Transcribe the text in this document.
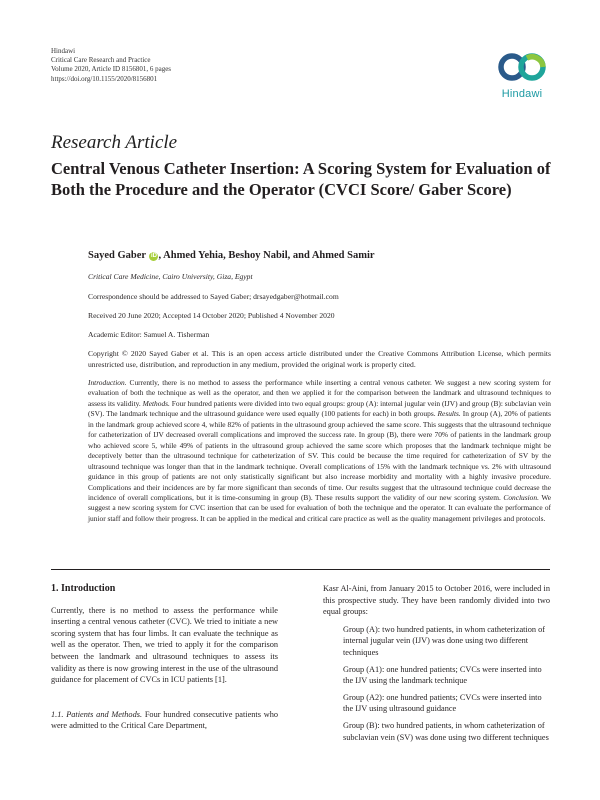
Hindawi
Critical Care Research and Practice
Volume 2020, Article ID 8156801, 6 pages
https://doi.org/10.1155/2020/8156801
Hindawi
Research Article
Central Venous Catheter Insertion: A Scoring System for Evaluation of Both the Procedure and the Operator (CVCI Score/ Gaber Score)
Sayed Gaber iD , Ahmed Yehia, Beshoy Nabil, and Ahmed Samir
Critical Care Medicine, Cairo University, Giza, Egypt
Correspondence should be addressed to Sayed Gaber; drsayedgaber@hotmail.com
Received 20 June 2020; Accepted 14 October 2020; Published 4 November 2020
Academic Editor: Samuel A. Tisherman
Copyright © 2020 Sayed Gaber et al. This is an open access article distributed under the Creative Commons Attribution License, which permits unrestricted use, distribution, and reproduction in any medium, provided the original work is properly cited.
Introduction. Currently, there is no method to assess the performance while inserting a central venous catheter. We suggest a new scoring system for evaluation of both the technique as well as the operator, and then we applied it for the comparison between the landmark and ultrasound techniques to assess its validity. Methods. Four hundred patients were divided into two equal groups: group (A): internal jugular vein (IJV) and group (B): subclavian vein (SV). The landmark technique and the ultrasound guidance were used equally (100 patients for each) in both groups. Results. In group (A), 20% of patients in the landmark group achieved score 4, while 82% of patients in the ultrasound group achieved the same score. This suggests that the ultrasound technique for catheterization of IJV decreased overall complications and improved the success rate. In group (B), there were 70% of patients in the landmark group who achieved score 5, while 49% of patients in the ultrasound group achieved the same score which proposes that the landmark technique might be deceptively better than the ultrasound technique for catheterization of SV. This could be because the time required for catheterization of SV by the ultrasound technique was longer than that in the landmark technique. Overall complications of 15% with the landmark technique vs. 2% with ultrasound guidance in this group of patients are not only statistically significant but also increase morbidity and mortality with a highly invasive procedure. Complications and their incidences are by far more significant than seconds of time. Our results suggest that the ultrasound technique could decrease the incidence of overall complications, but it is time-consuming in group (B). These results support the validity of our new scoring system. Conclusion. We suggest a new scoring system for CVC insertion that can be used for evaluation of both the technique and the operator. It can evaluate the performance of junior staff and follow their progress. It can be applied in the medical and critical care practice as well as the quality management privileges and protocols.
1. Introduction

Currently, there is no method to assess the performance while inserting a central venous catheter (CVC). We tried to initiate a new scoring system that has four limbs. It can evaluate the technique as well as the operator. Then, we tried to apply it for the comparison between the landmark and ultrasound techniques to assess its validity as there is now growing interest in the use of the ultrasound guidance for placement of CVCs in ICU patients [1].

1.1. Patients and Methods. Four hundred consecutive patients who were admitted to the Critical Care Department,

Kasr Al-Aini, from January 2015 to October 2016, were included in this prospective study. They have been randomly divided into two equal groups:

Group (A): two hundred patients, in whom catheterization of internal jugular vein (IJV) was done using two different techniques
Group (A1): one hundred patients; CVCs were inserted into the IJV using the landmark technique
Group (A2): one hundred patients; CVCs were inserted into the IJV using ultrasound guidance
Group (B): two hundred patients, in whom catheterization of subclavian vein (SV) was done using two different techniques
